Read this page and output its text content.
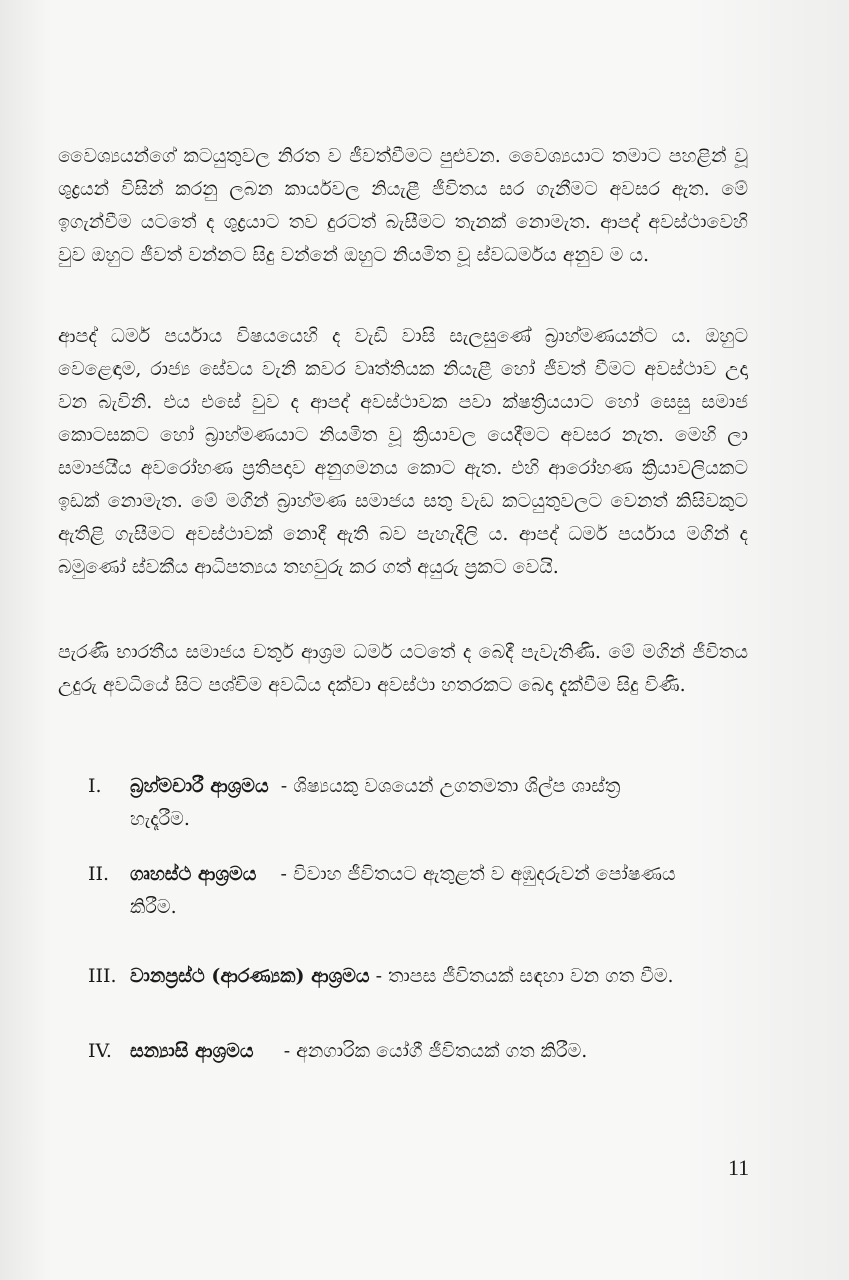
වෛශ්‍යයන්ගේ කටයුතුවල නිරත ව ජීවත්වීමට පුළුවන. වෛශ්‍යයාට තමාට පහළින් වූ ශුද්‍රයන් විසින් කරනු ලබන කාර්යවල නියැළී ජීවිතය සර ගැනීමට අවසර ඇත. මේ ඉගැන්වීම යටතේ ද ශුද්‍රයාට තව දුරටත් බැසීමට තැනක් නොමැත. ආපද් අවස්ථාවෙහි වුව ඔහුට ජීවත් වන්නට සිදු වන්නේ ඔහුට නියමිත වූ ස්වධර්මය අනුව ම ය.

ආපද් ධර්ම පර්යාය විෂයයෙහි ද වැඩි වාසි සැලසුණේ බ්‍රාහ්මණයන්ට ය. ඔහුට වෙළෙඳාම, රාජ්‍ය සේවය වැනි කවර වෘත්තියක නියැළී හෝ ජීවත් වීමට අවස්ථාව උදා වන බැවිනි. එය එසේ වුව ද ආපද් අවස්ථාවක පවා ක්ෂත්‍රියයාට හෝ සෙසු සමාජ කොටසකට හෝ බ්‍රාහ්මණයාට නියමිත වූ ක්‍රියාවල යෙදීමට අවසර නැත. මෙහි ලා සමාජයීය අවරෝහණ ප්‍රතිපදාව අනුගමනය කොට ඇත. එහි ආරෝහණ ක්‍රියාවලියකට ඉඩක් නොමැත. මේ මගින් බ්‍රාහ්මණ සමාජය සතු වැඩ කටයුතුවලට වෙනත් කිසිවකුට ඇතිළි ගැසීමට අවස්ථාවක් නොදී ඇති බව පැහැදිලි ය. ආපද් ධර්ම පර්යාය මගින් ද බමුණෝ ස්වකීය ආධිපත්‍යය තහවුරු කර ගත් අයුරු ප්‍රකට වෙයි.

පැරණි භාරතීය සමාජය චතුර් ආශ්‍රම ධර්ම යටතේ ද බෙදී පැවැතිණි. මේ මගින් ජීවිතය උදුරු අවධියේ සිට පශ්චිම අවධිය දක්වා අවස්ථා හතරකට බෙදා දැක්වීම සිදු විණි.

I. බ්‍රහ්මචාරී ආශ්‍රමය - ශිෂ්‍යයකු වශයෙන් උගතමතා ශිල්ප ශාස්ත්‍ර
හැදෑරීම.
II. ගෘහස්ථ ආශ්‍රමය - විවාහ ජීවිතයට ඇතුළත් ව අඹුදරුවන් පෝෂණය
කිරීම.
III. වානප්‍රස්ථ (ආරණ්‍යක) ආශ්‍රමය - තාපස ජීවිතයක් සඳහා වන ගත වීම.
IV. සන්‍යාසි ආශ්‍රමය - අනගාරික යෝගී ජීවිතයක් ගත කිරීම.
11
